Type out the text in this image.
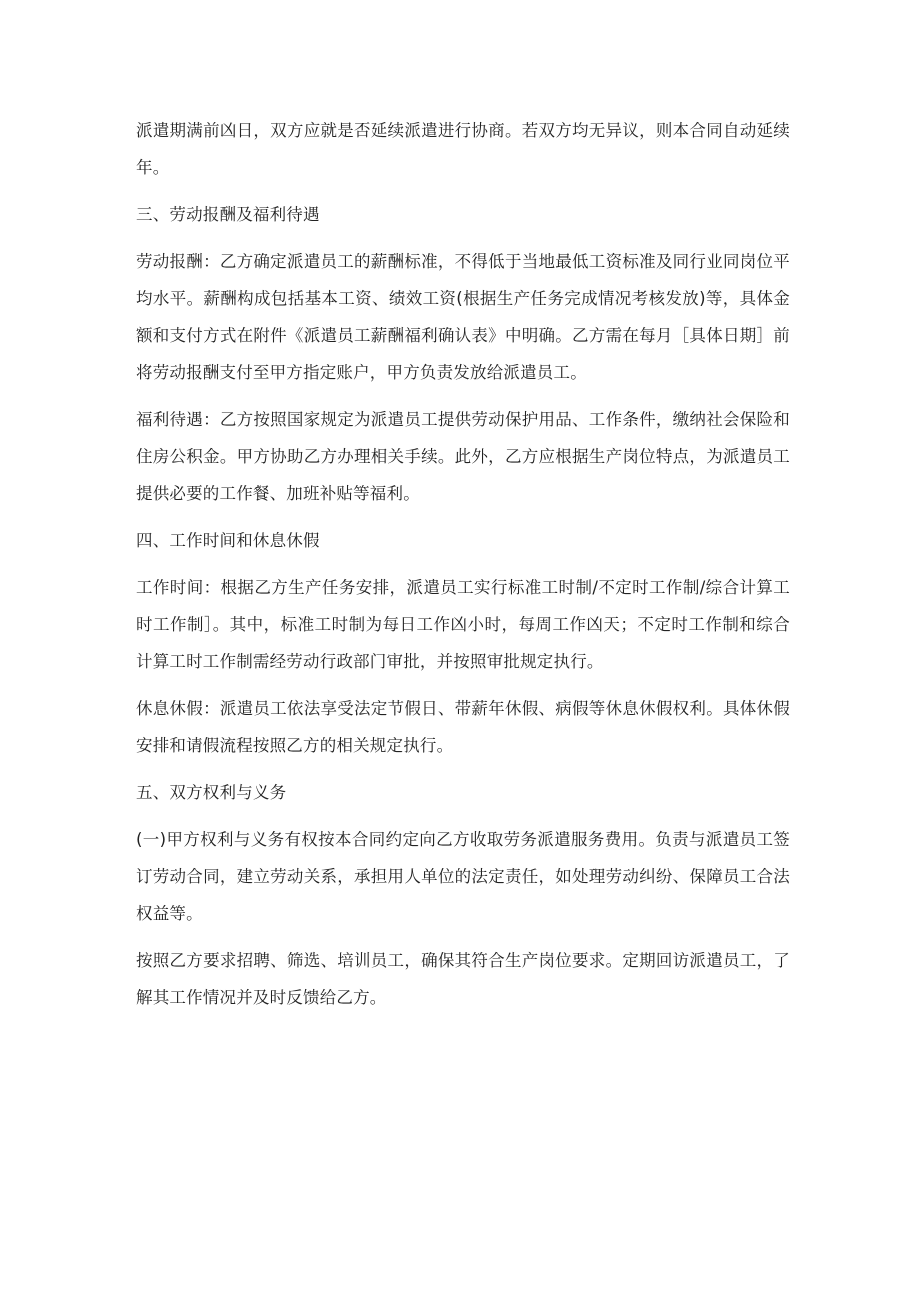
派遣期满前凶日，双方应就是否延续派遣进行协商。若双方均无异议，则本合同自动延续年。

三、劳动报酬及福利待遇

劳动报酬：乙方确定派遣员工的薪酬标准，不得低于当地最低工资标准及同行业同岗位平均水平。薪酬构成包括基本工资、绩效工资(根据生产任务完成情况考核发放)等，具体金额和支付方式在附件《派遣员工薪酬福利确认表》中明确。乙方需在每月［具体日期］前将劳动报酬支付至甲方指定账户，甲方负责发放给派遣员工。

福利待遇：乙方按照国家规定为派遣员工提供劳动保护用品、工作条件，缴纳社会保险和住房公积金。甲方协助乙方办理相关手续。此外，乙方应根据生产岗位特点，为派遣员工提供必要的工作餐、加班补贴等福利。

四、工作时间和休息休假

工作时间：根据乙方生产任务安排，派遣员工实行标准工时制/不定时工作制/综合计算工时工作制］。其中，标准工时制为每日工作凶小时，每周工作凶天；不定时工作制和综合计算工时工作制需经劳动行政部门审批，并按照审批规定执行。

休息休假：派遣员工依法享受法定节假日、带薪年休假、病假等休息休假权利。具体休假安排和请假流程按照乙方的相关规定执行。

五、双方权利与义务

(一)甲方权利与义务有权按本合同约定向乙方收取劳务派遣服务费用。负责与派遣员工签订劳动合同，建立劳动关系，承担用人单位的法定责任，如处理劳动纠纷、保障员工合法权益等。

按照乙方要求招聘、筛选、培训员工，确保其符合生产岗位要求。定期回访派遣员工，了解其工作情况并及时反馈给乙方。
